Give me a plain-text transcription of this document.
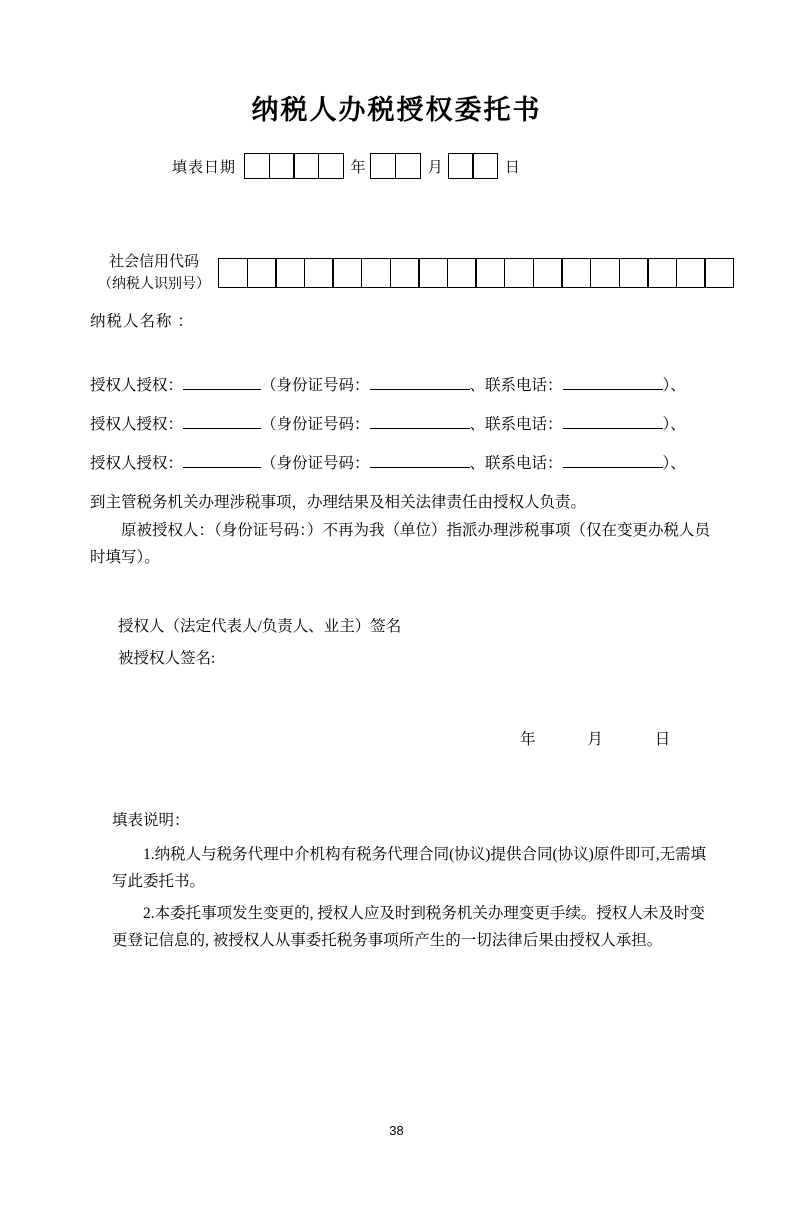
纳税人办税授权委托书
填表日期	年	月	日
社会信用代码
（纳税人识别号）
纳税人名称 ：
授权人授权：	（身份证号码：	、联系电话：	）、
授权人授权：	（身份证号码：	、联系电话：	）、
授权人授权：	（身份证号码：	、联系电话：	）、
到主管税务机关办理涉税事项，办理结果及相关法律责任由授权人负责。
原被授权人：（身份证号码：）不再为我（单位）指派办理涉税事项（仅在变更办税人员时填写）。
授权人（法定代表人/负责人、业主）签名
被授权人签名:
年	月	日
填表说明：
1.纳税人与税务代理中介机构有税务代理合同(协议)提供合同(协议)原件即可,无需填写此委托书。
2.本委托事项发生变更的, 授权人应及时到税务机关办理变更手续。授权人未及时变更登记信息的, 被授权人从事委托税务事项所产生的一切法律后果由授权人承担。
38
